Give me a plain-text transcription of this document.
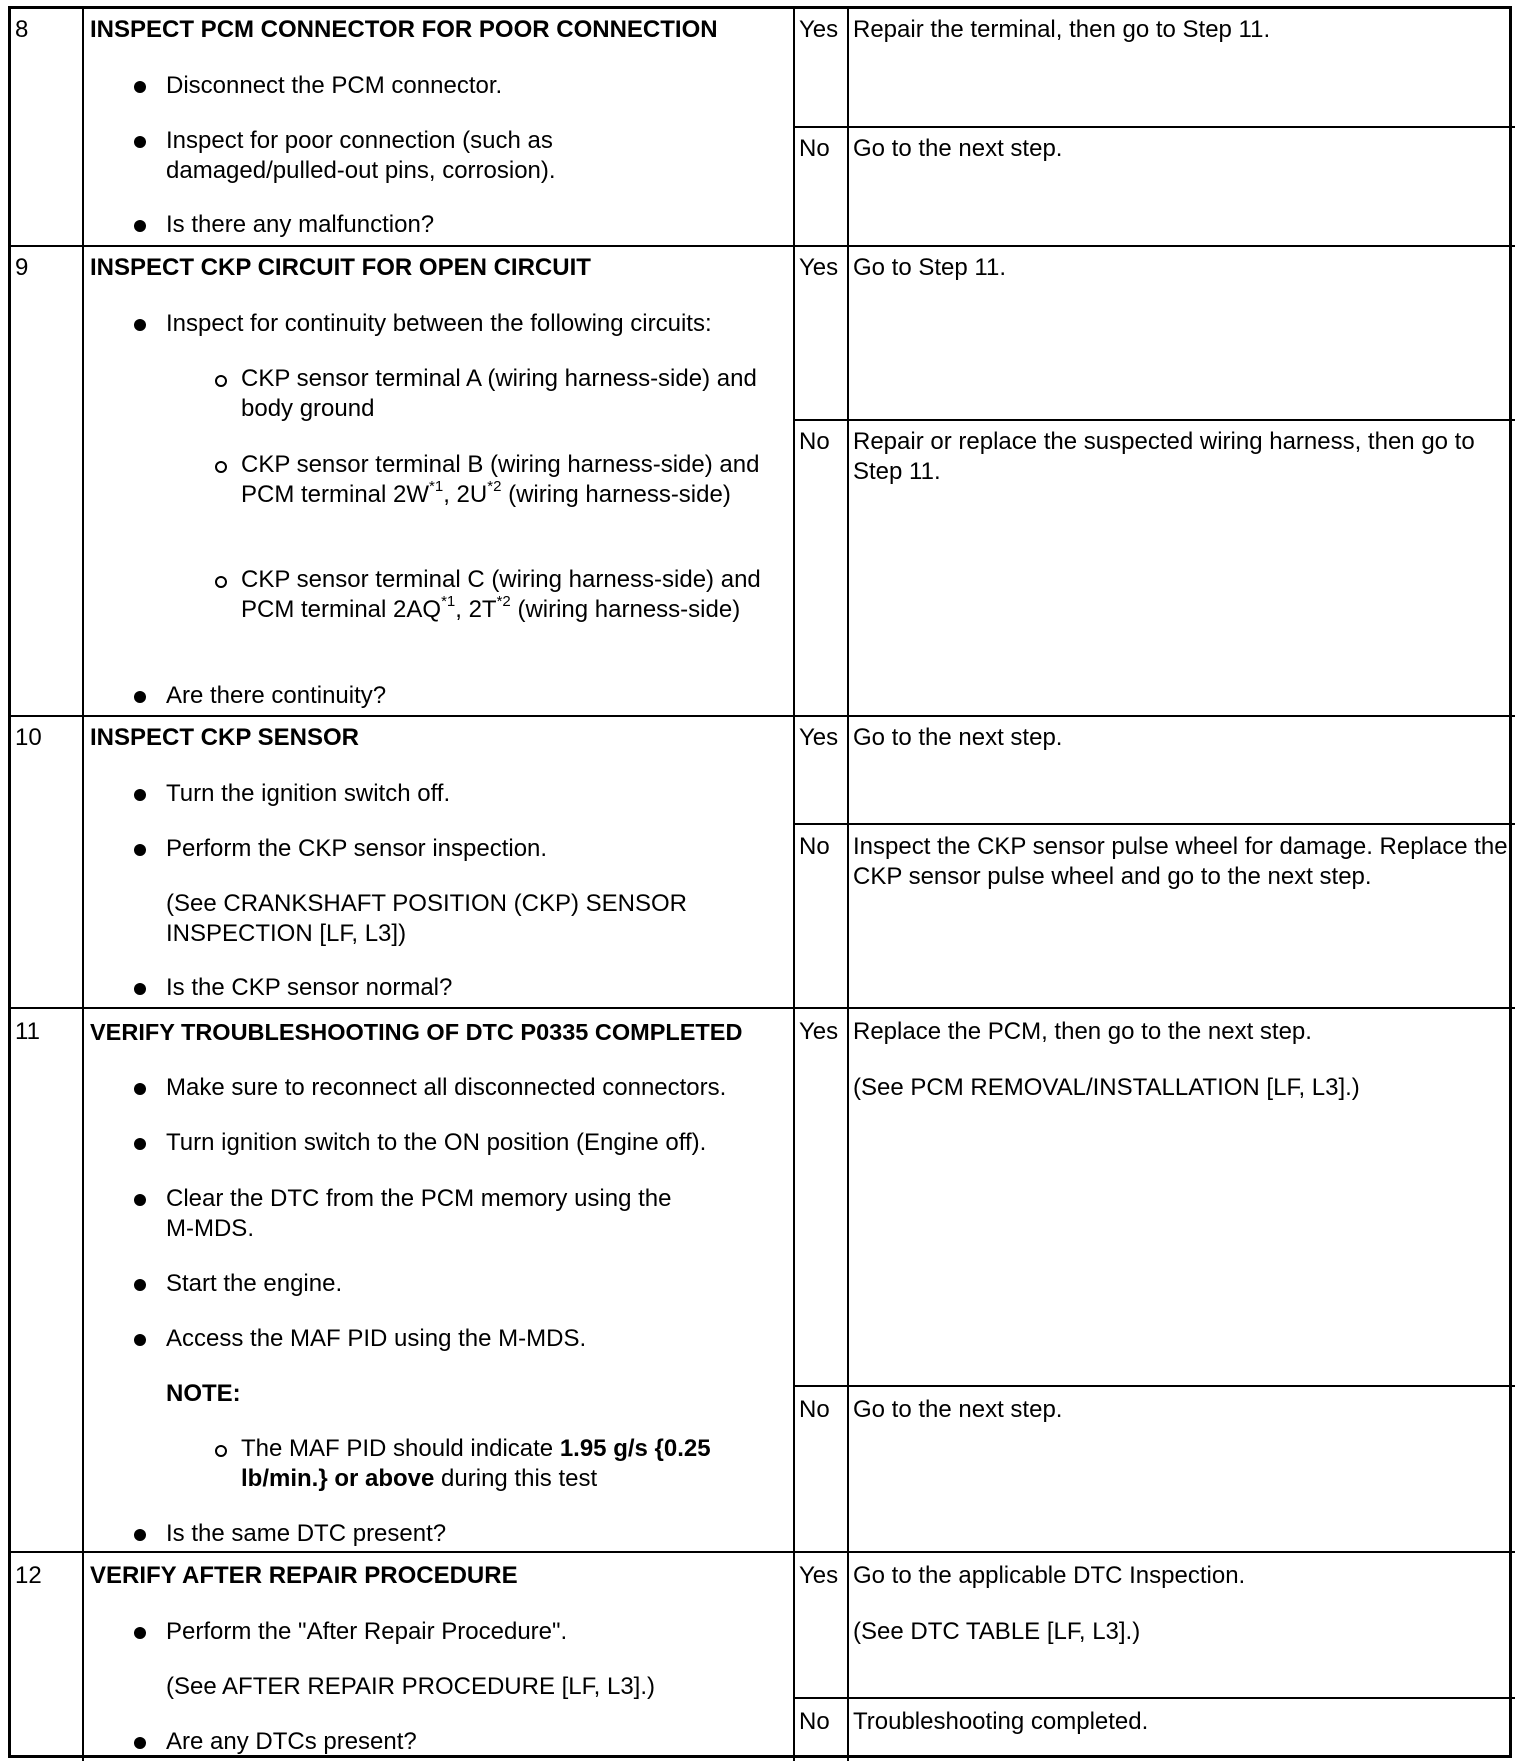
8	INSPECT PCM CONNECTOR FOR POOR CONNECTION
Disconnect the PCM connector.
Inspect for poor connection (such as damaged/pulled-out pins, corrosion).
Is there any malfunction?
Yes Repair the terminal, then go to Step 11.
No Go to the next step.
9	INSPECT CKP CIRCUIT FOR OPEN CIRCUIT
Inspect for continuity between the following circuits:
CKP sensor terminal A (wiring harness-side) and body ground
CKP sensor terminal B (wiring harness-side) and PCM terminal $2W^{*1}$, $2U^{*2}$ (wiring harness-side)
CKP sensor terminal C (wiring harness-side) and PCM terminal 2AQ$^{*1}$, $2T^{*2}$ (wiring harness-side)
Are there continuity?
Yes Go to Step 11.
No Repair or replace the suspected wiring harness, then go to Step 11.
10 INSPECT CKP SENSOR
Turn the ignition switch off.
Perform the CKP sensor inspection.
(See CRANKSHAFT POSITION (CKP) SENSOR INSPECTION [LF, L3])
Is the CKP sensor normal?
Yes Go to the next step.
No Inspect the CKP sensor pulse wheel for damage. Replace the CKP sensor pulse wheel and go to the next step.
11 VERIFY TROUBLESHOOTING OF DTC P0335 COMPLETED
Make sure to reconnect all disconnected connectors.
Turn ignition switch to the ON position (Engine off).
Clear the DTC from the PCM memory using the M-MDS.
Start the engine.
Access the MAF PID using the M-MDS.
NOTE:
The MAF PID should indicate 1.95 g/s {0.25 lb/min.} or above during this test
Is the same DTC present?
Yes Replace the PCM, then go to the next step.
(See PCM REMOVAL/INSTALLATION [LF, L3].)
No Go to the next step.
12 VERIFY AFTER REPAIR PROCEDURE
Perform the "After Repair Procedure".
(See AFTER REPAIR PROCEDURE [LF, L3].)
Are any DTCs present?
Yes Go to the applicable DTC Inspection.
(See DTC TABLE [LF, L3].)
No Troubleshooting completed.
